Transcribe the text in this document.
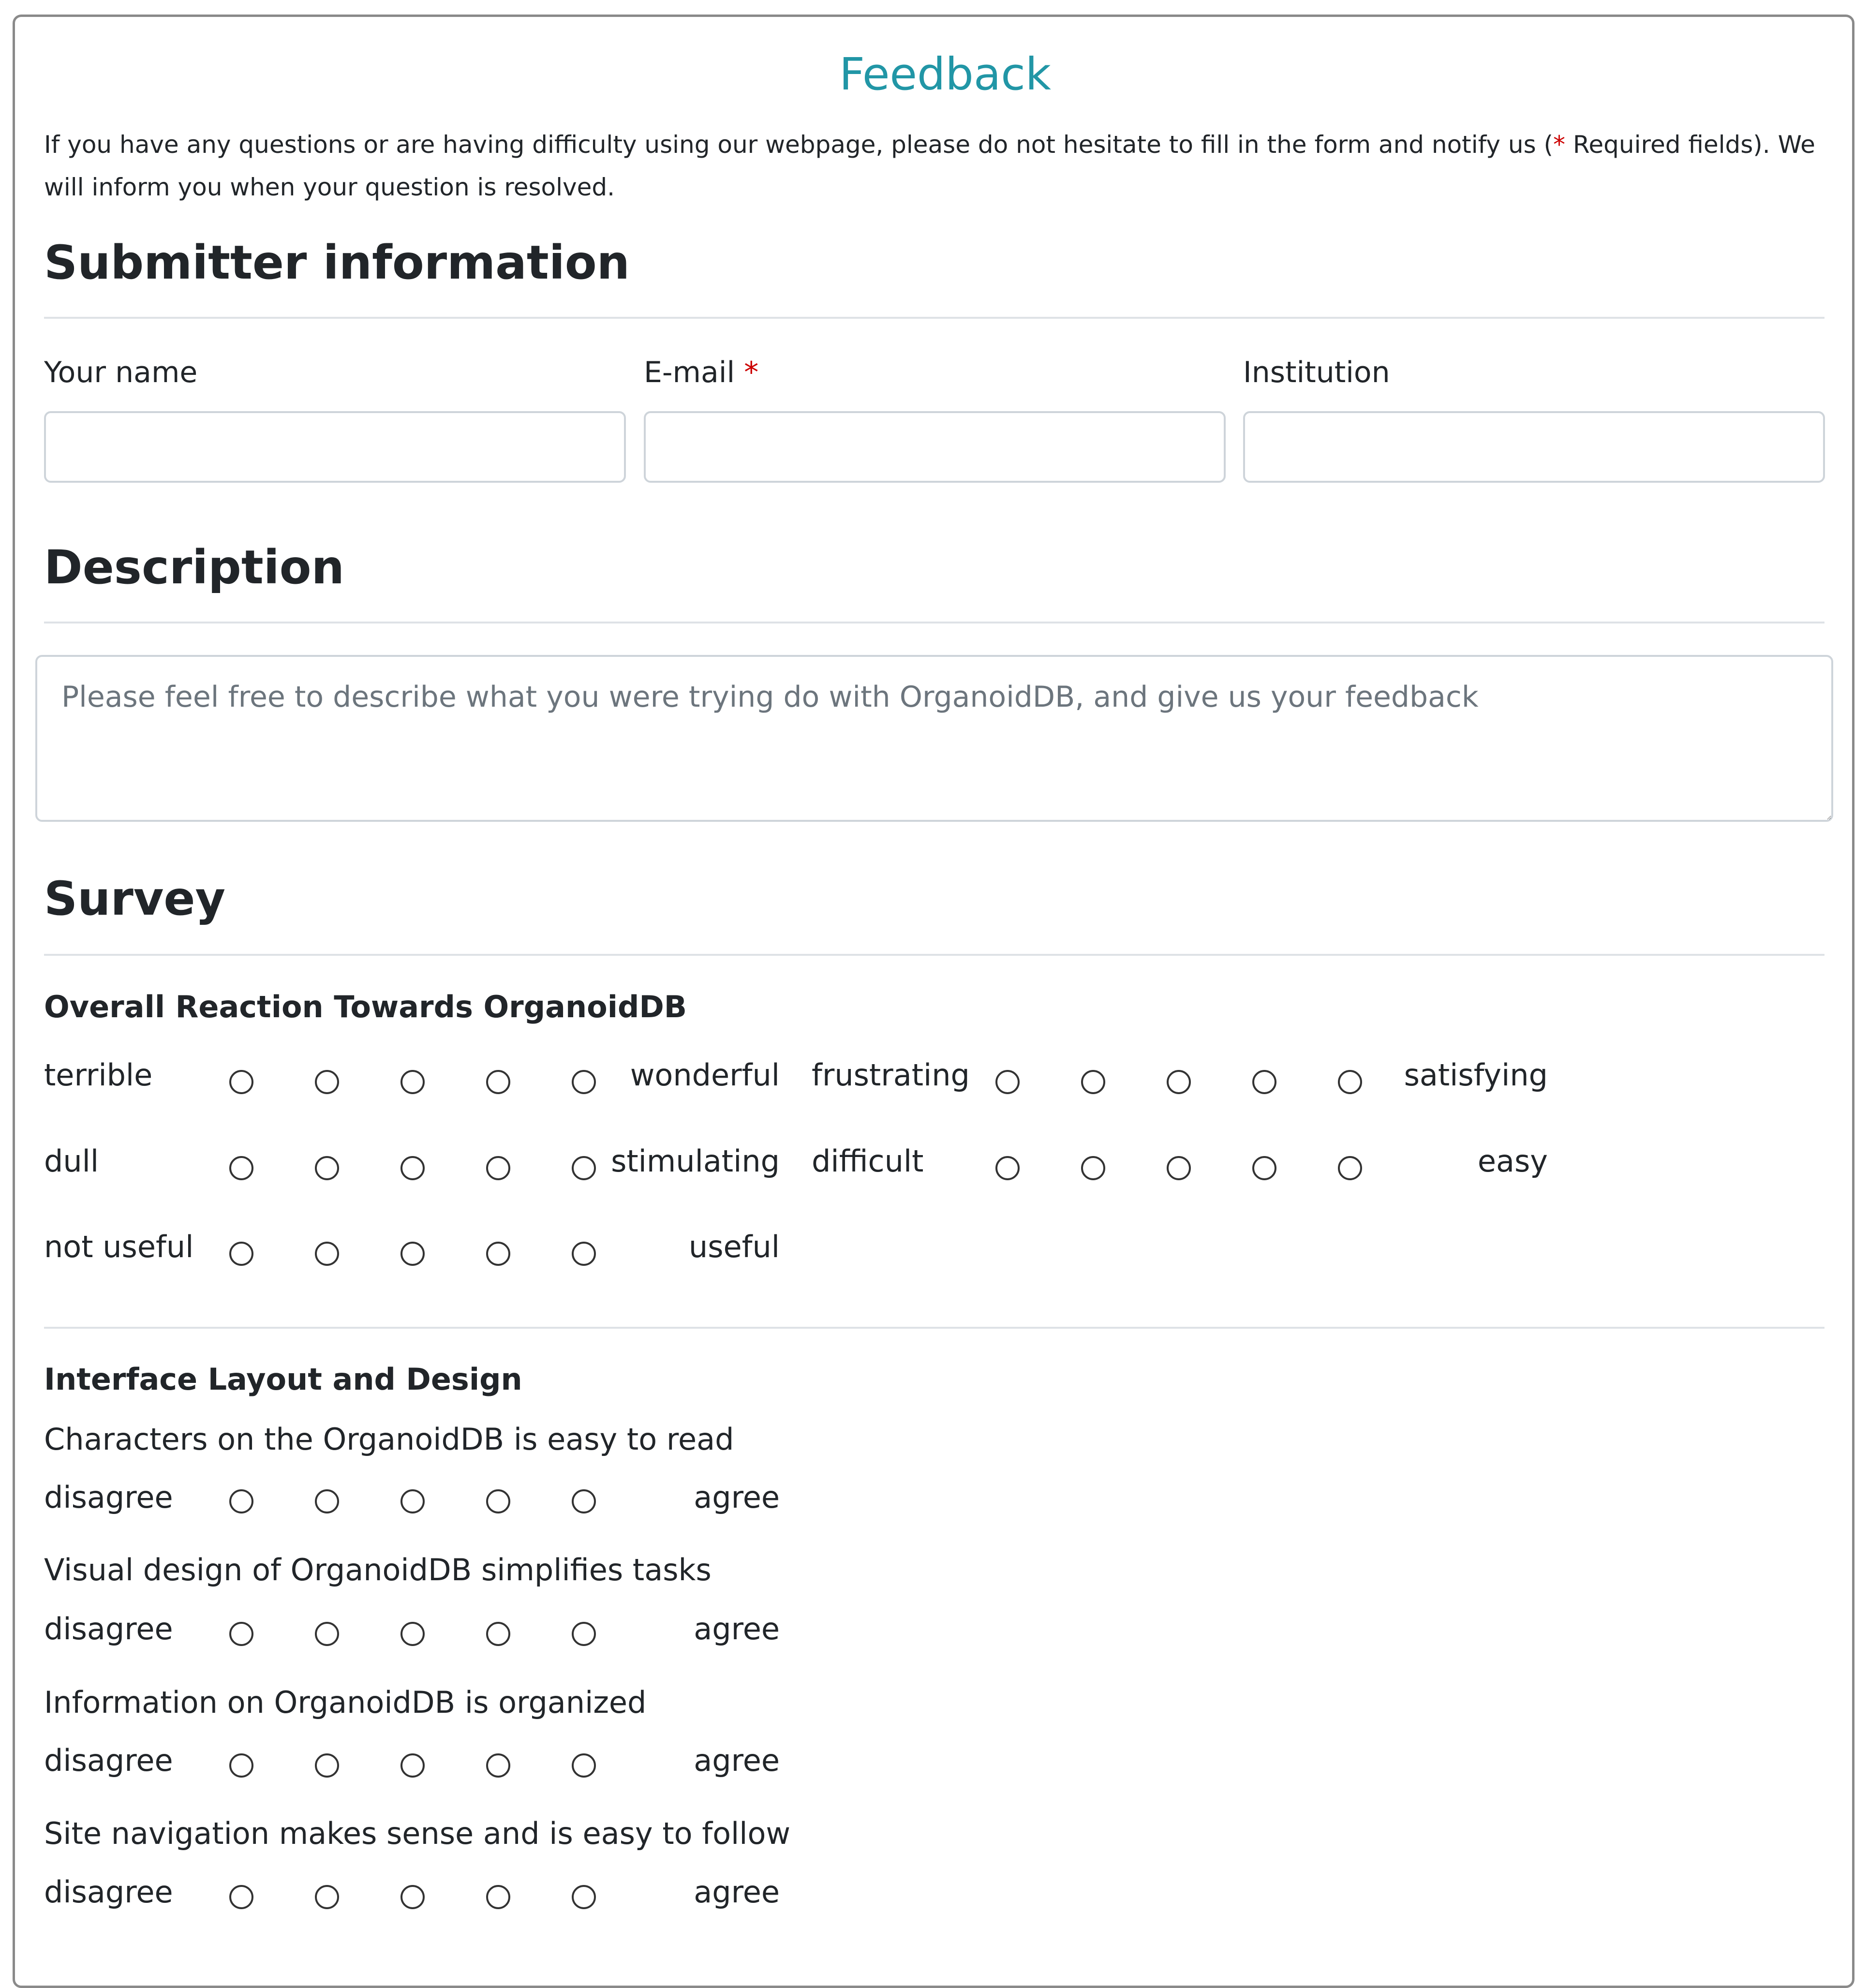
Feedback

If you have any questions or are having difficulty using our webpage, please do not hesitate to fill in the form and notify us (* Required fields). We will inform you when your question is resolved.

Submitter information
Your name	E-mail *	Institution
Description
Please feel free to describe what you were trying do with OrganoidDB, and give us your feedback
Survey
Overall Reaction Towards OrganoidDB
terrible	wonderful frustrating	satisfying
dull	stimulating difficult	easy
not useful	useful
Interface Layout and Design
Characters on the OrganoidDB is easy to read
disagree	agree
Visual design of OrganoidDB simplifies tasks
disagree	agree
Information on OrganoidDB is organized
disagree	agree
Site navigation makes sense and is easy to follow
disagree	agree
